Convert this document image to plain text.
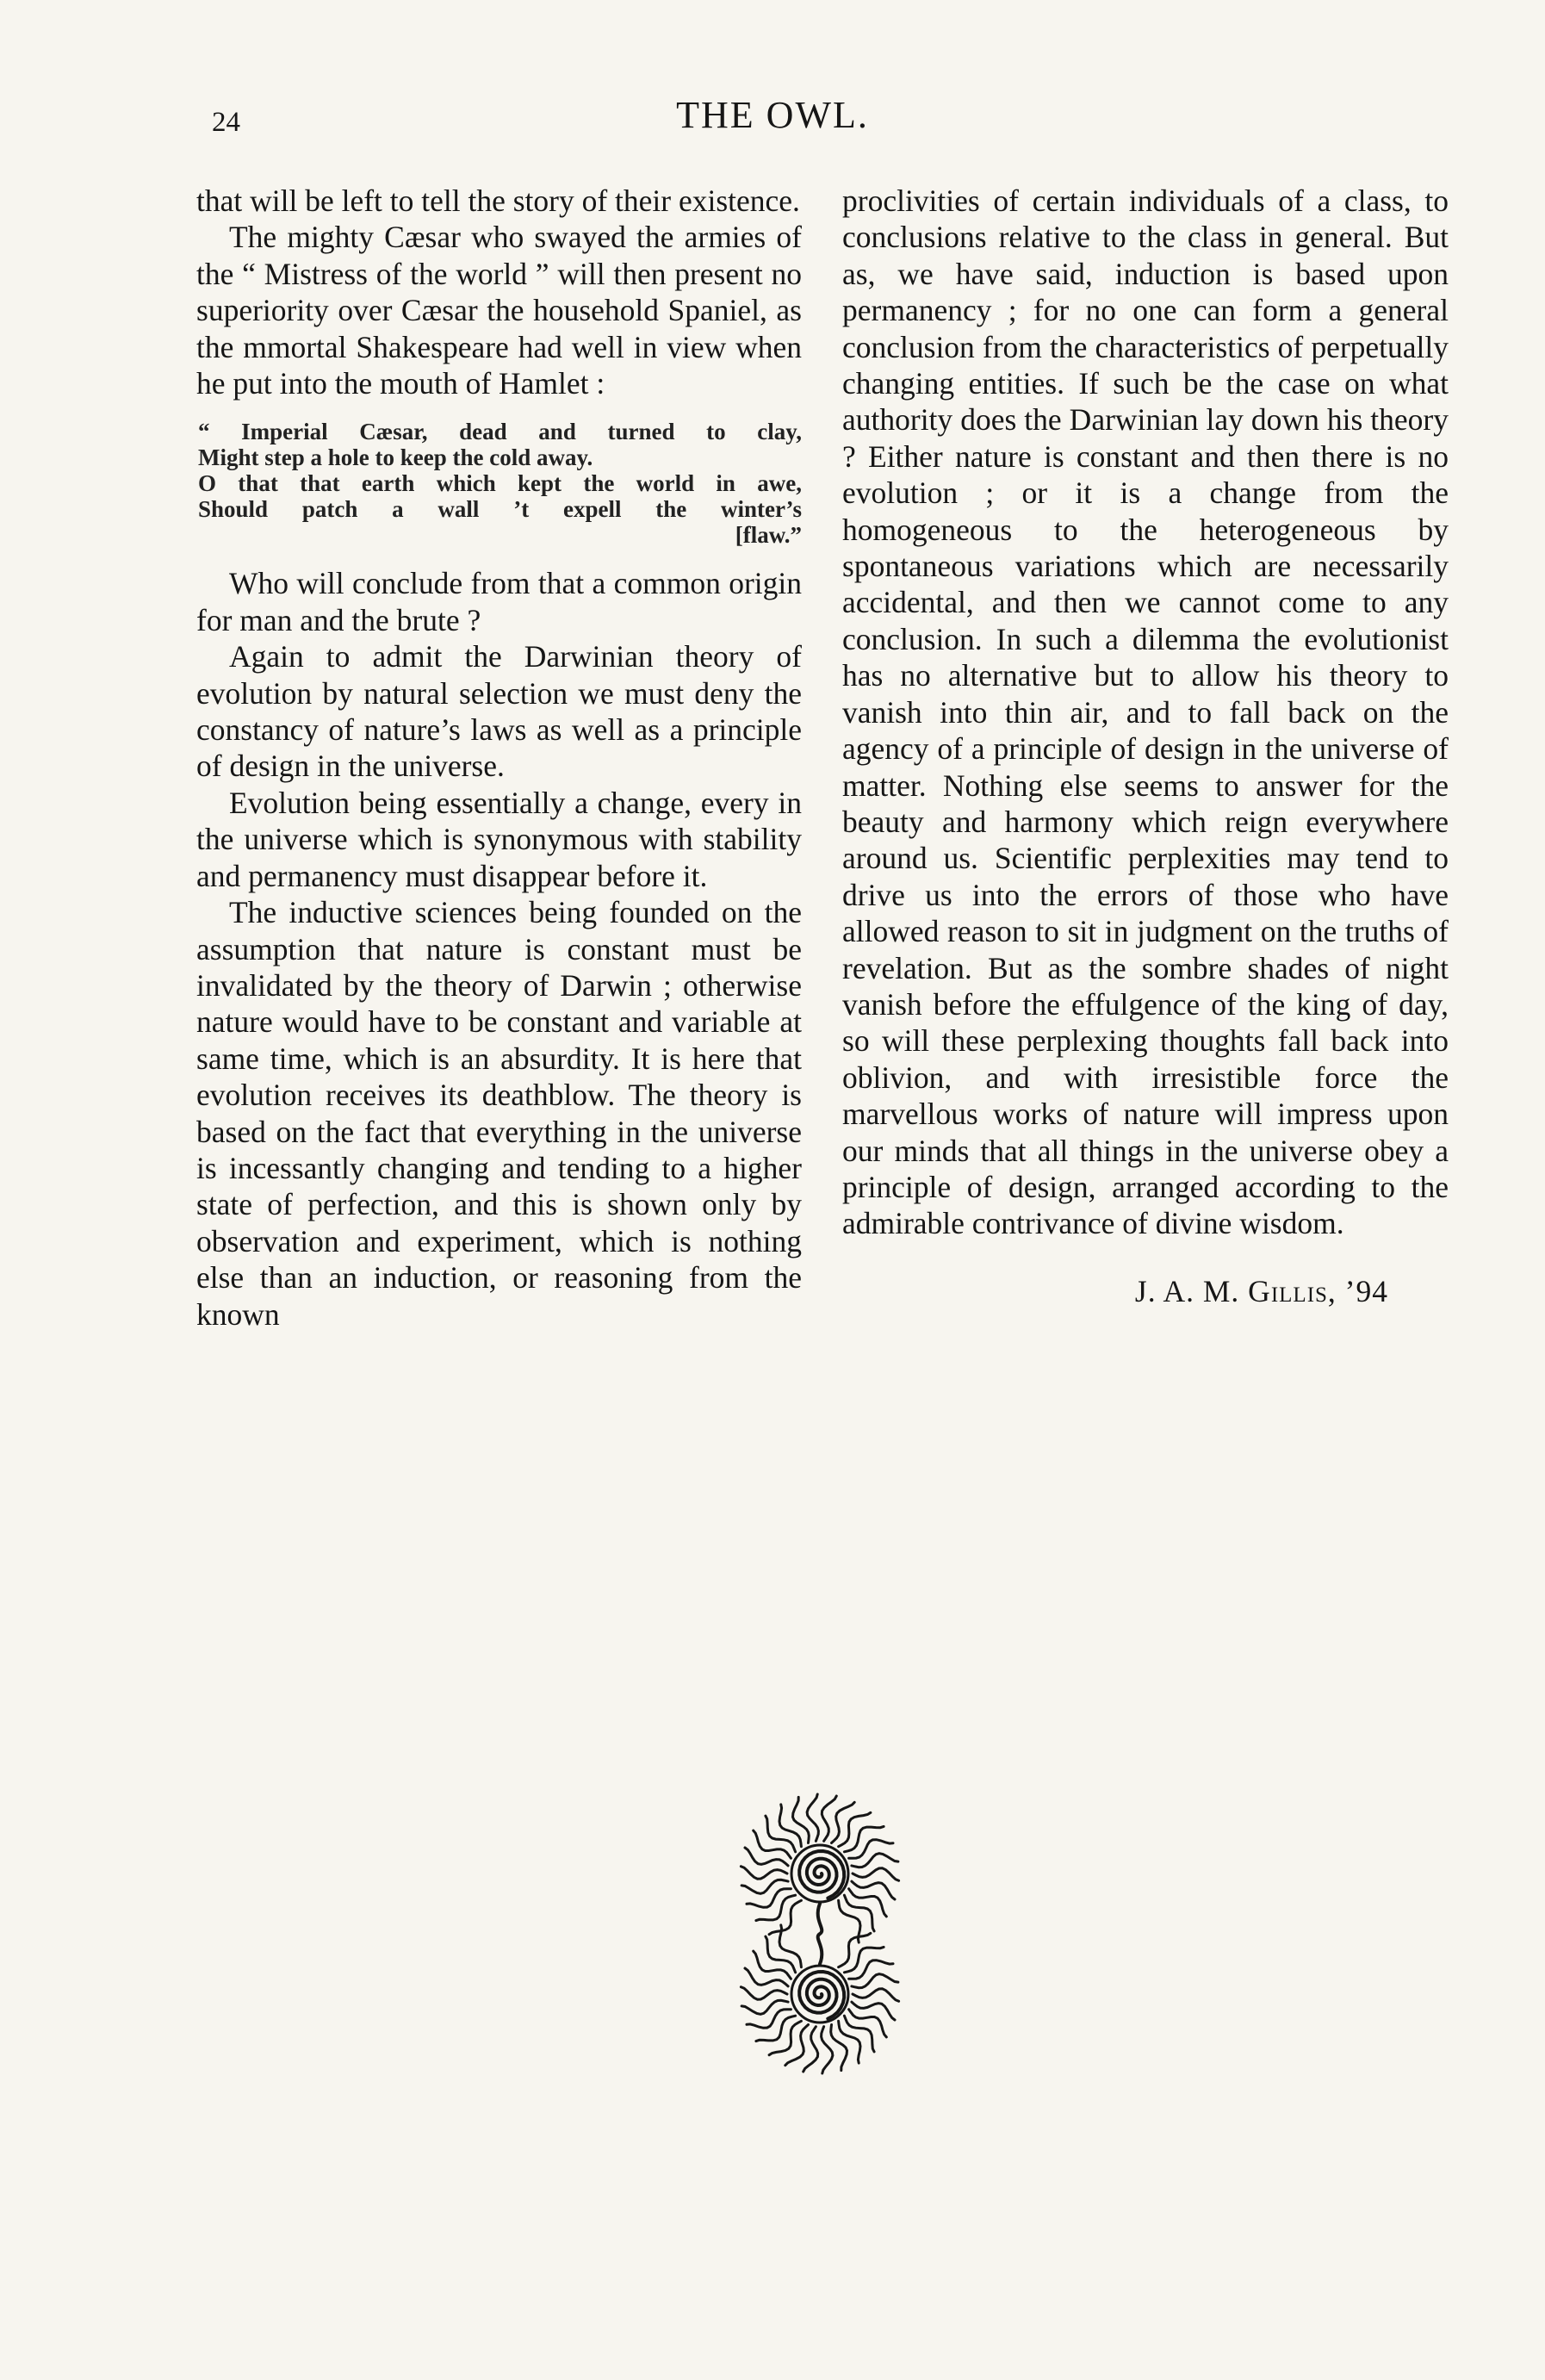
24	THE OWL.

that will be left to tell the story of their existence.

The mighty Cæsar who swayed the armies of the “ Mistress of the world ” will then present no superiority over Cæsar the household Spaniel, as the mmortal Shakespeare had well in view when he put into the mouth of Hamlet :

“ Imperial Cæsar, dead and turned to clay,
Might step a hole to keep the cold away.
O that that earth which kept the world in awe,
Should patch a wall ’t expell the winter’s
[flaw.”

Who will conclude from that a common origin for man and the brute ?

Again to admit the Darwinian theory of evolution by natural selection we must deny the constancy of nature’s laws as well as a principle of design in the universe.

Evolution being essentially a change, every in the universe which is synonymous with stability and permanency must disappear before it.

The inductive sciences being founded on the assumption that nature is constant must be invalidated by the theory of Darwin ; otherwise nature would have to be constant and variable at same time, which is an absurdity. It is here that evolution receives its deathblow. The theory is based on the fact that everything in the universe is incessantly changing and tending to a higher state of perfection, and this is shown only by observation and experiment, which is nothing else than an induction, or reasoning from the known

proclivities of certain individuals of a class, to conclusions relative to the class in general. But as, we have said, induction is based upon permanency ; for no one can form a general conclusion from the characteristics of perpetually changing entities. If such be the case on what authority does the Darwinian lay down his theory ? Either nature is constant and then there is no evolution ; or it is a change from the homogeneous to the heterogeneous by spontaneous variations which are necessarily accidental, and then we cannot come to any conclusion. In such a dilemma the evolutionist has no alternative but to allow his theory to vanish into thin air, and to fall back on the agency of a principle of design in the universe of matter. Nothing else seems to answer for the beauty and harmony which reign everywhere around us. Scientific perplexities may tend to drive us into the errors of those who have allowed reason to sit in judgment on the truths of revelation. But as the sombre shades of night vanish before the effulgence of the king of day, so will these perplexing thoughts fall back into oblivion, and with irresistible force the marvellous works of nature will impress upon our minds that all things in the universe obey a principle of design, arranged according to the admirable contrivance of divine wisdom.

J. A. M. Gillis, ’94
